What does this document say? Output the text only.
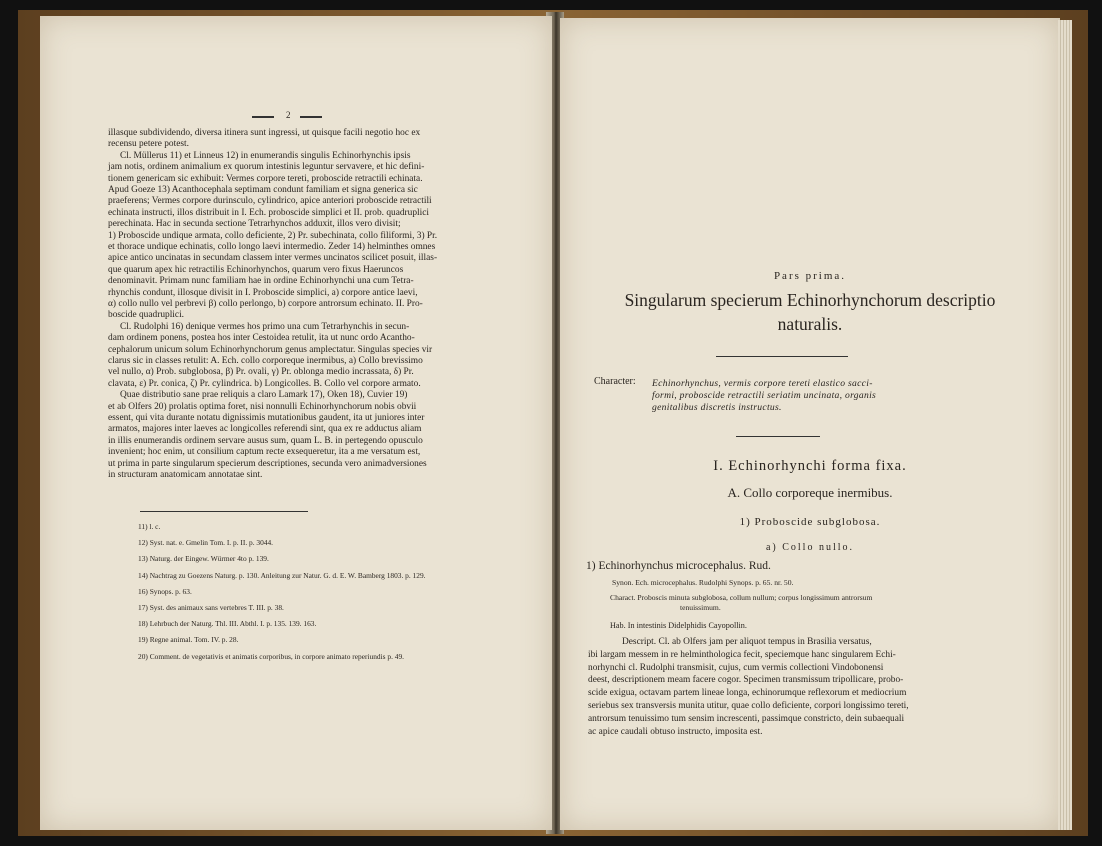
2
illasque subdividendo, diversa itinera sunt ingressi, ut quisque facili negotio hoc ex
recensu petere potest.
Cl. Müllerus 11) et Linneus 12) in enumerandis singulis Echinorhynchis ipsis
jam notis, ordinem animalium ex quorum intestinis leguntur servavere, et hic defini-
tionem genericam sic exhibuit: Vermes corpore tereti, proboscide retractili echinata.
Apud Goeze 13) Acanthocephala septimam condunt familiam et signa generica sic
praeferens; Vermes corpore durinsculo, cylindrico, apice anteriori proboscide retractili
echinata instructi, illos distribuit in I. Ech. proboscide simplici et II. prob. quadruplici
perechinata. Hac in secunda sectione Tetrarhynchos adduxit, illos vero divisit;
1) Proboscide undique armata, collo deficiente, 2) Pr. subechinata, collo filiformi, 3) Pr.
et thorace undique echinatis, collo longo laevi intermedio. Zeder 14) helminthes omnes
apice antico uncinatas in secundam classem inter vermes uncinatos scilicet posuit, illas-
que quarum apex hic retractilis Echinorhynchos, quarum vero fixus Haeruncos
denominavit. Primam nunc familiam hae in ordine Echinorhynchi una cum Tetra-
rhynchis condunt, illosque divisit in I. Proboscide simplici, a) corpore antice laevi,
α) collo nullo vel perbrevi β) collo perlongo, b) corpore antrorsum echinato. II. Pro-
boscide quadruplici.
Cl. Rudolphi 16) denique vermes hos primo una cum Tetrarhynchis in secun-
dam ordinem ponens, postea hos inter Cestoidea retulit, ita ut nunc ordo Acantho-
cephalorum unicum solum Echinorhynchorum genus amplectatur. Singulas species vir
clarus sic in classes retulit: A. Ech. collo corporeque inermibus, a) Collo brevissimo
vel nullo, α) Prob. subglobosa, β) Pr. ovali, γ) Pr. oblonga medio incrassata, δ) Pr.
clavata, ε) Pr. conica, ζ) Pr. cylindrica. b) Longicolles. B. Collo vel corpore armato.
Quae distributio sane prae reliquis a claro Lamark 17), Oken 18), Cuvier 19)
et ab Olfers 20) prolatis optima foret, nisi nonnulli Echinorhynchorum nobis obvii
essent, qui vita durante notatu dignissimis mutationibus gaudent, ita ut juniores inter
armatos, majores inter laeves ac longicolles referendi sint, qua ex re adductus aliam
in illis enumerandis ordinem servare ausus sum, quam L. B. in pertegendo opusculo
invenient; hoc enim, ut consilium captum recte exsequeretur, ita a me versatum est,
ut prima in parte singularum specierum descriptiones, secunda vero animadversiones
in structuram anatomicam annotatae sint.
11) l. c.
12) Syst. nat. e. Gmelin Tom. I. p. II. p. 3044.
13) Naturg. der Eingew. Würmer 4to p. 139.
14) Nachtrag zu Goezens Naturg. p. 130. Anleitung zur Natur. G. d. E. W. Bamberg 1803. p. 129.
16) Synops. p. 63.
17) Syst. des animaux sans vertebres T. III. p. 38.
18) Lehrbuch der Naturg. Thl. III. Abthl. I. p. 135. 139. 163.
19) Regne animal. Tom. IV. p. 28.
20) Comment. de vegetativis et animatis corporibus, in corpore animato reperiundis p. 49.
Pars prima.
Singularum specierum Echinorhynchorum descriptio
naturalis.
Character: Echinorhynchus, vermis corpore tereti elastico sacci-
formi, proboscide retractili seriatim uncinata, organis
genitalibus discretis instructus.
I. Echinorhynchi forma fixa.
A. Collo corporeque inermibus.
1) Proboscide subglobosa.
a) Collo nullo.
1) Echinorhynchus microcephalus. Rud.
Synon. Ech. microcephalus. Rudolphi Synops. p. 65. nr. 50.
Charact. Proboscis minuta subglobosa, collum nullum; corpus longissimum antrorsum
tenuissimum.
Hab. In intestinis Didelphidis Cayopollin.
Descript. Cl. ab Olfers jam per aliquot tempus in Brasilia versatus,
ibi largam messem in re helminthologica fecit, speciemque hanc singularem Echi-
norhynchi cl. Rudolphi transmisit, cujus, cum vermis collectioni Vindobonensi
deest, descriptionem meam facere cogor. Specimen transmissum tripollicare, probo-
scide exigua, octavam partem lineae longa, echinorumque reflexorum et mediocrium
seriebus sex transversis munita utitur, quae collo deficiente, corpori longissimo tereti,
antrorsum tenuissimo tum sensim increscenti, passimque constricto, dein subaequali
ac apice caudali obtuso instructo, imposita est.
